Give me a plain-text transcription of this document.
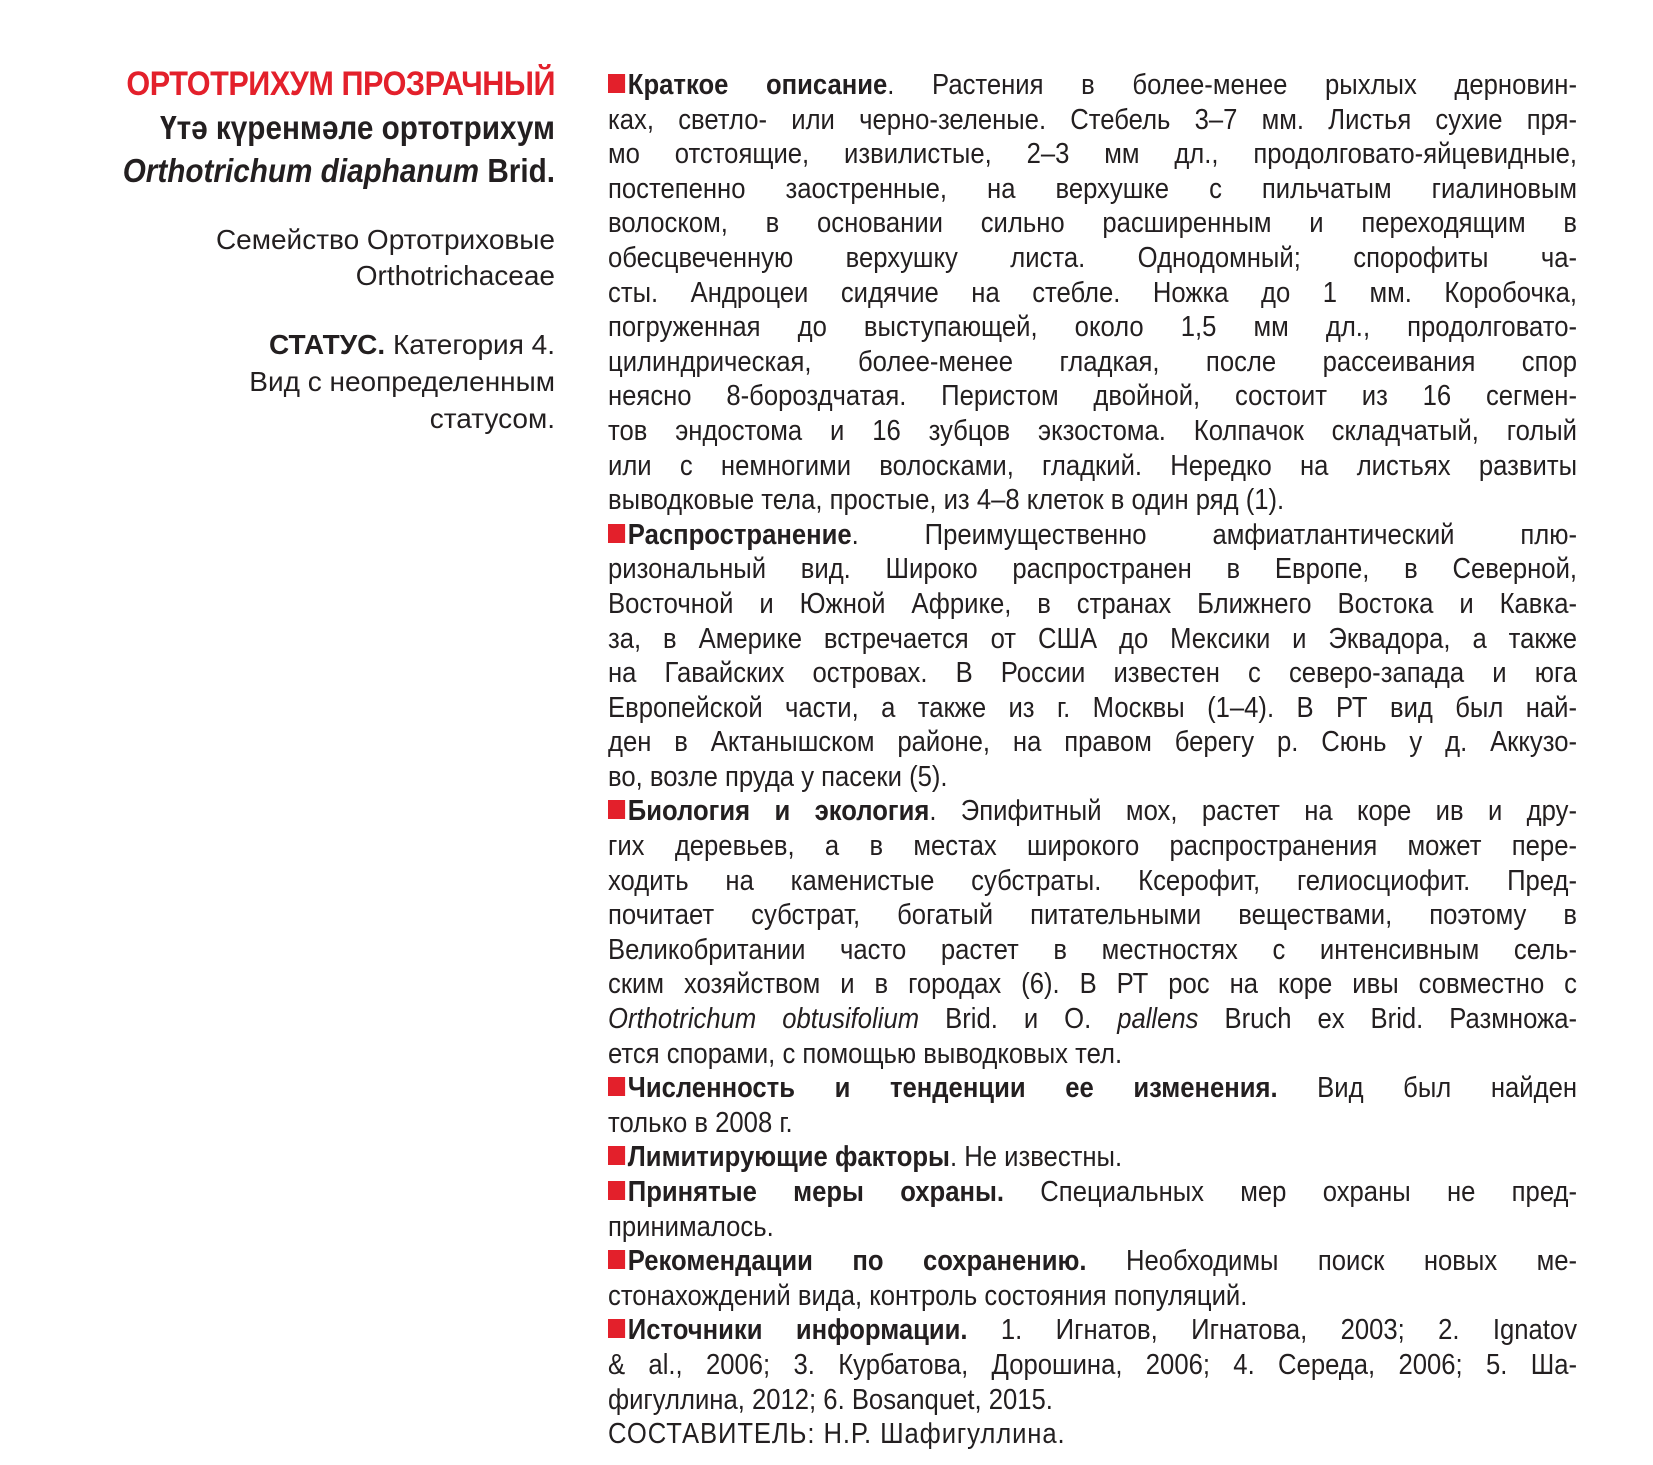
ОРТОТРИХУМ ПРОЗРАЧНЫЙ
Үтә күренмәле ортотрихум
Orthotrichum diaphanum Brid.
Семейство Ортотриховые
Orthotrichaceae
СТАТУС. Категория 4.
Вид с неопределенным
статусом.
Краткое описание. Растения в более-менее рыхлых дерновин-
ках, светло- или черно-зеленые. Стебель 3–7 мм. Листья сухие пря-
мо отстоящие, извилистые, 2–3 мм дл., продолговато-яйцевидные,
постепенно заостренные, на верхушке с пильчатым гиалиновым
волоском, в основании сильно расширенным и переходящим в
обесцвеченную верхушку листа. Однодомный; спорофиты ча-
сты. Андроцеи сидячие на стебле. Ножка до 1 мм. Коробочка,
погруженная до выступающей, около 1,5 мм дл., продолговато-
цилиндрическая, более-менее гладкая, после рассеивания спор
неясно 8-бороздчатая. Перистом двойной, состоит из 16 сегмен-
тов эндостома и 16 зубцов экзостома. Колпачок складчатый, голый
или с немногими волосками, гладкий. Нередко на листьях развиты
выводковые тела, простые, из 4–8 клеток в один ряд (1).
Распространение. Преимущественно амфиатлантический плю-
ризональный вид. Широко распространен в Европе, в Северной,
Восточной и Южной Африке, в странах Ближнего Востока и Кавка-
за, в Америке встречается от США до Мексики и Эквадора, а также
на Гавайских островах. В России известен с северо-запада и юга
Европейской части, а также из г. Москвы (1–4). В РТ вид был най-
ден в Актанышском районе, на правом берегу р. Сюнь у д. Аккузо-
во, возле пруда у пасеки (5).
Биология и экология. Эпифитный мох, растет на коре ив и дру-
гих деревьев, а в местах широкого распространения может пере-
ходить на каменистые субстраты. Ксерофит, гелиосциофит. Пред-
почитает субстрат, богатый питательными веществами, поэтому в
Великобритании часто растет в местностях с интенсивным сель-
ским хозяйством и в городах (6). В РТ рос на коре ивы совместно с
Orthotrichum obtusifolium Brid. и O. pallens Bruch ex Brid. Размножа-
ется спорами, с помощью выводковых тел.
Численность и тенденции ее изменения. Вид был найден
только в 2008 г.
Лимитирующие факторы. Не известны.
Принятые меры охраны. Специальных мер охраны не пред-
принималось.
Рекомендации по сохранению. Необходимы поиск новых ме-
стонахождений вида, контроль состояния популяций.
Источники информации. 1. Игнатов, Игнатова, 2003; 2. Ignatov
& al., 2006; 3. Курбатова, Дорошина, 2006; 4. Середа, 2006; 5. Ша-
фигуллина, 2012; 6. Bosanquet, 2015.
СОСТАВИТЕЛЬ: Н.Р. Шафигуллина.
